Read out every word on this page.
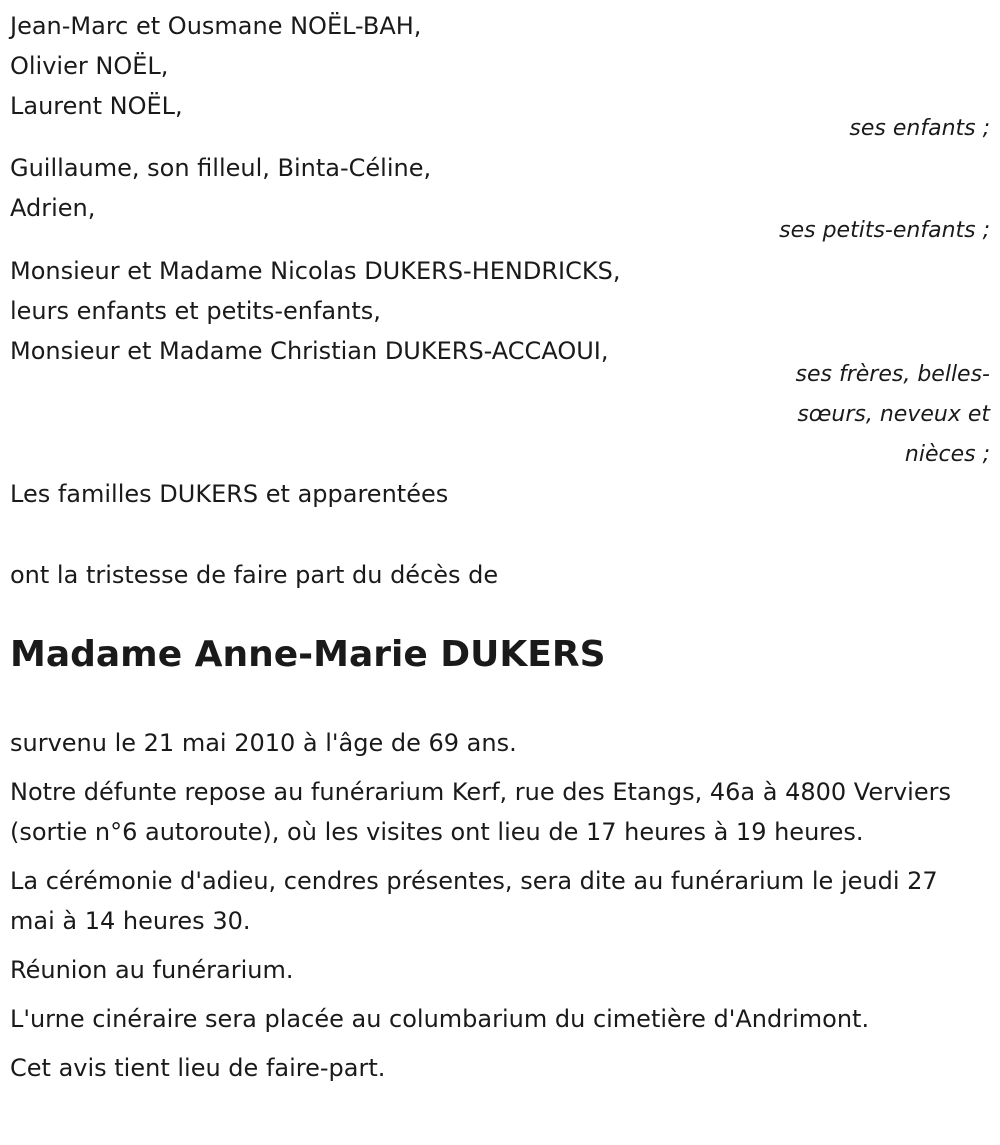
Jean-Marc et Ousmane NOËL-BAH,
Olivier NOËL,
Laurent NOËL,
ses enfants ;
Guillaume, son filleul, Binta-Céline,
Adrien,
ses petits-enfants ;
Monsieur et Madame Nicolas DUKERS-HENDRICKS,
leurs enfants et petits-enfants,
Monsieur et Madame Christian DUKERS-ACCAOUI,
ses frères, belles-
sœurs, neveux et
nièces ;
Les familles DUKERS et apparentées
ont la tristesse de faire part du décès de
Madame Anne-Marie DUKERS

survenu le 21 mai 2010 à l'âge de 69 ans.

Notre défunte repose au funérarium Kerf, rue des Etangs, 46a à 4800 Verviers (sortie n°6 autoroute), où les visites ont lieu de 17 heures à 19 heures.

La cérémonie d'adieu, cendres présentes, sera dite au funérarium le jeudi 27 mai à 14 heures 30.

Réunion au funérarium.

L'urne cinéraire sera placée au columbarium du cimetière d'Andrimont.

Cet avis tient lieu de faire-part.
